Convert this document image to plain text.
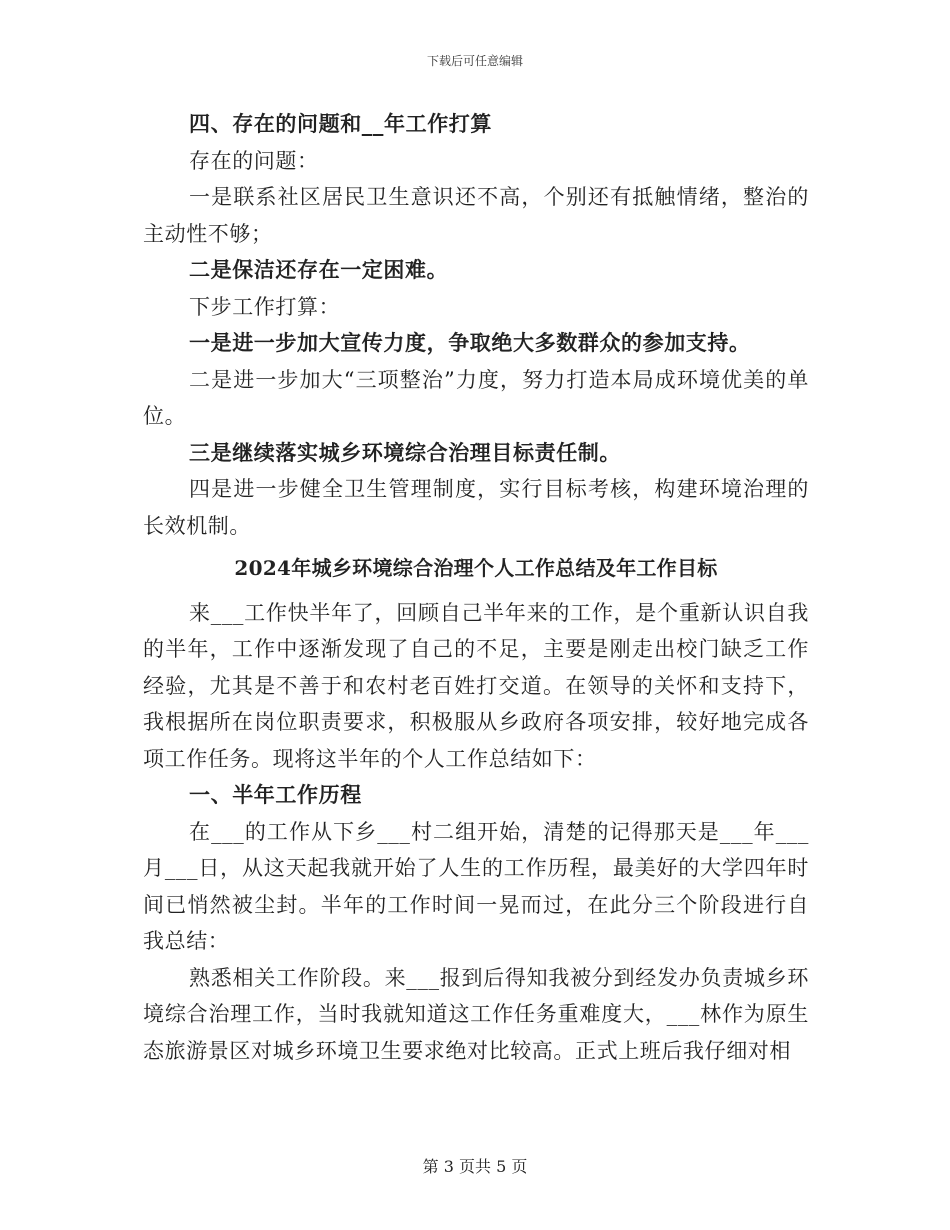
下载后可任意编辑

四、存在的问题和__年工作打算

存在的问题：

一是联系社区居民卫生意识还不高，个别还有抵触情绪，整治的主动性不够；

二是保洁还存在一定困难。

下步工作打算：

一是进一步加大宣传力度，争取绝大多数群众的参加支持。

二是进一步加大“三项整治”力度，努力打造本局成环境优美的单位。

三是继续落实城乡环境综合治理目标责任制。

四是进一步健全卫生管理制度，实行目标考核，构建环境治理的长效机制。

2024年城乡环境综合治理个人工作总结及年工作目标

来___工作快半年了，回顾自己半年来的工作，是个重新认识自我的半年，工作中逐渐发现了自己的不足，主要是刚走出校门缺乏工作经验，尤其是不善于和农村老百姓打交道。在领导的关怀和支持下，我根据所在岗位职责要求，积极服从乡政府各项安排，较好地完成各项工作任务。现将这半年的个人工作总结如下：

一、半年工作历程

在___的工作从下乡___村二组开始，清楚的记得那天是___年___月___日，从这天起我就开始了人生的工作历程，最美好的大学四年时间已悄然被尘封。半年的工作时间一晃而过，在此分三个阶段进行自我总结：

熟悉相关工作阶段。来___报到后得知我被分到经发办负责城乡环境综合治理工作，当时我就知道这工作任务重难度大，___林作为原生态旅游景区对城乡环境卫生要求绝对比较高。正式上班后我仔细对相

第 3 页共 5 页
